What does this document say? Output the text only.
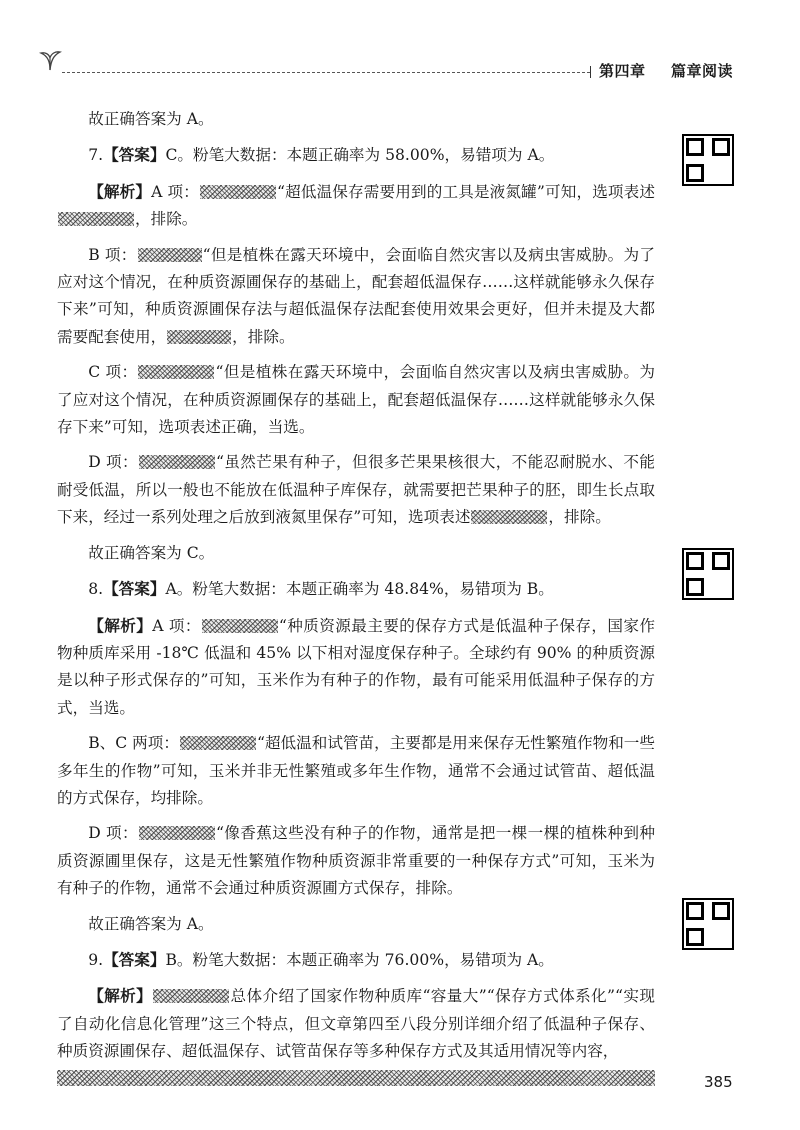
第四章 篇章阅读

故正确答案为 A。

7.【答案】C。粉笔大数据：本题正确率为 58.00%，易错项为 A。

【解析】A 项：	“超低温保存需要用到的工具是液氮罐”可知，选项表述，排除。

B 项：	“但是植株在露天环境中，会面临自然灾害以及病虫害威胁。为了应对这个情况，在种质资源圃保存的基础上，配套超低温保存……这样就能够永久保存下来”可知，种质资源圃保存法与超低温保存法配套使用效果会更好，但并未提及大都需要配套使用，	，排除。

C 项：	“但是植株在露天环境中，会面临自然灾害以及病虫害威胁。为了应对这个情况，在种质资源圃保存的基础上，配套超低温保存……这样就能够永久保存下来”可知，选项表述正确，当选。

D 项：	“虽然芒果有种子，但很多芒果果核很大，不能忍耐脱水、不能耐受低温，所以一般也不能放在低温种子库保存，就需要把芒果种子的胚，即生长点取下来，经过一系列处理之后放到液氮里保存”可知，选项表述	，排除。

故正确答案为 C。

8.【答案】A。粉笔大数据：本题正确率为 48.84%，易错项为 B。

【解析】A 项：	“种质资源最主要的保存方式是低温种子保存，国家作物种质库采用 -18℃ 低温和 45% 以下相对湿度保存种子。全球约有 90% 的种质资源是以种子形式保存的”可知，玉米作为有种子的作物，最有可能采用低温种子保存的方式，当选。

B、C 两项：	“超低温和试管苗，主要都是用来保存无性繁殖作物和一些多年生的作物”可知，玉米并非无性繁殖或多年生作物，通常不会通过试管苗、超低温的方式保存，均排除。

D 项：	“像香蕉这些没有种子的作物，通常是把一棵一棵的植株种到种质资源圃里保存，这是无性繁殖作物种质资源非常重要的一种保存方式”可知，玉米为有种子的作物，通常不会通过种质资源圃方式保存，排除。

故正确答案为 A。

9.【答案】B。粉笔大数据：本题正确率为 76.00%，易错项为 A。

【解析】	总体介绍了国家作物种质库“容量大”“保存方式体系化”“实现了自动化信息化管理”这三个特点，但文章第四至八段分别详细介绍了低温种子保存、种质资源圃保存、超低温保存、试管苗保存等多种保存方式及其适用情况等内容，

385
